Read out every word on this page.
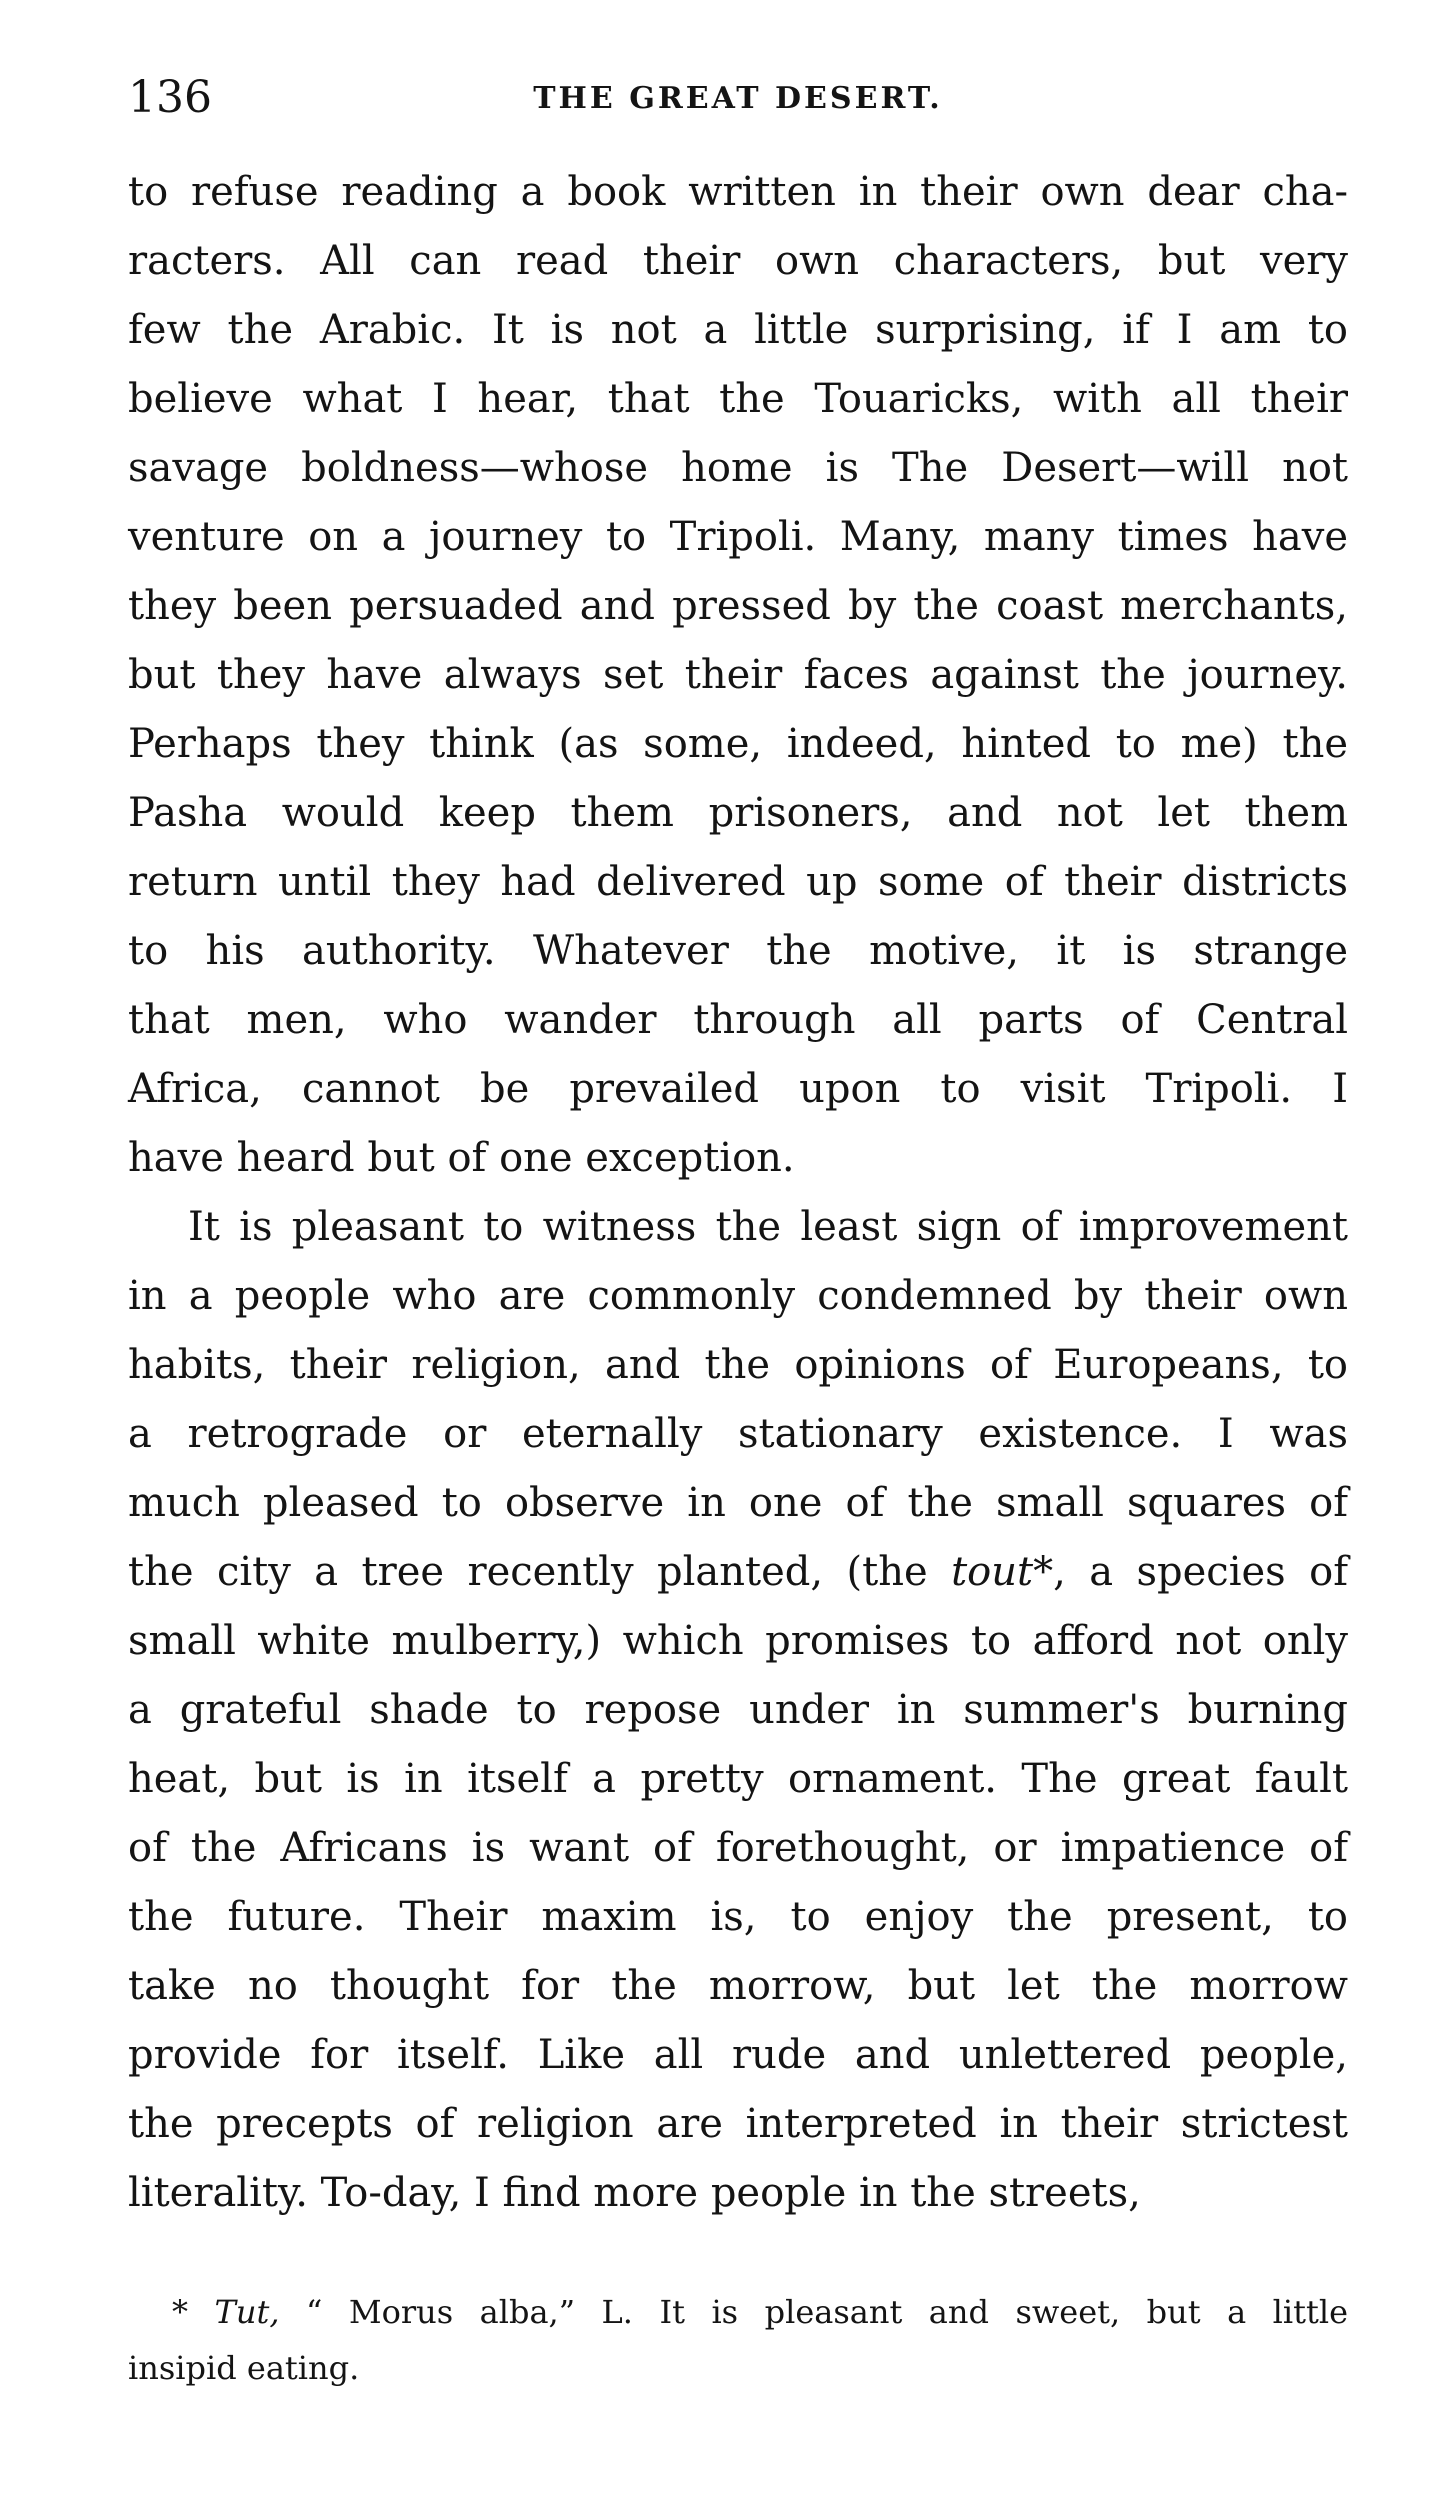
136	THE GREAT DESERT.
to refuse reading a book written in their own dear cha-
racters. All can read their own characters, but very
few the Arabic. It is not a little surprising, if I am to
believe what I hear, that the Touaricks, with all their
savage boldness—whose home is The Desert—will not
venture on a journey to Tripoli. Many, many times have
they been persuaded and pressed by the coast merchants,
but they have always set their faces against the journey.
Perhaps they think (as some, indeed, hinted to me) the
Pasha would keep them prisoners, and not let them
return until they had delivered up some of their districts
to his authority. Whatever the motive, it is strange
that men, who wander through all parts of Central
Africa, cannot be prevailed upon to visit Tripoli. I
have heard but of one exception.
It is pleasant to witness the least sign of improvement
in a people who are commonly condemned by their own
habits, their religion, and the opinions of Europeans, to
a retrograde or eternally stationary existence. I was
much pleased to observe in one of the small squares of
the city a tree recently planted, (the tout*, a species of
small white mulberry,) which promises to afford not only
a grateful shade to repose under in summer's burning
heat, but is in itself a pretty ornament. The great fault
of the Africans is want of forethought, or impatience of
the future. Their maxim is, to enjoy the present, to
take no thought for the morrow, but let the morrow
provide for itself. Like all rude and unlettered people,
the precepts of religion are interpreted in their strictest
literality. To-day, I find more people in the streets,
* Tut, “ Morus alba,” L. It is pleasant and sweet, but a little
insipid eating.
